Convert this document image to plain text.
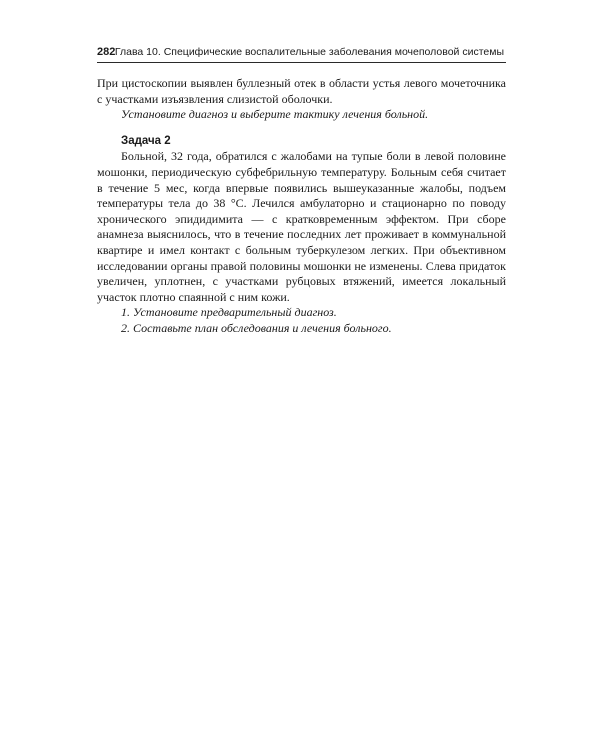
282 Глава 10. Специфические воспалительные заболевания мочеполовой системы

При цистоскопии выявлен буллезный отек в области устья левого мочеточника с участками изъязвления слизистой оболочки.

Установите диагноз и выберите тактику лечения больной.

Задача 2

Больной, 32 года, обратился с жалобами на тупые боли в левой половине мошонки, периодическую субфебрильную температуру. Больным себя считает в течение 5 мес, когда впервые появились вышеуказанные жалобы, подъем температуры тела до 38 °С. Лечился амбулаторно и стационарно по поводу хронического эпидидимита — с кратковременным эффектом. При сборе анамнеза выяснилось, что в течение последних лет проживает в коммунальной квартире и имел контакт с больным туберкулезом легких. При объективном исследовании органы правой половины мошонки не изменены. Слева придаток увеличен, уплотнен, с участками рубцовых втяжений, имеется локальный участок плотно спаянной с ним кожи.

1. Установите предварительный диагноз.

2. Составьте план обследования и лечения больного.
